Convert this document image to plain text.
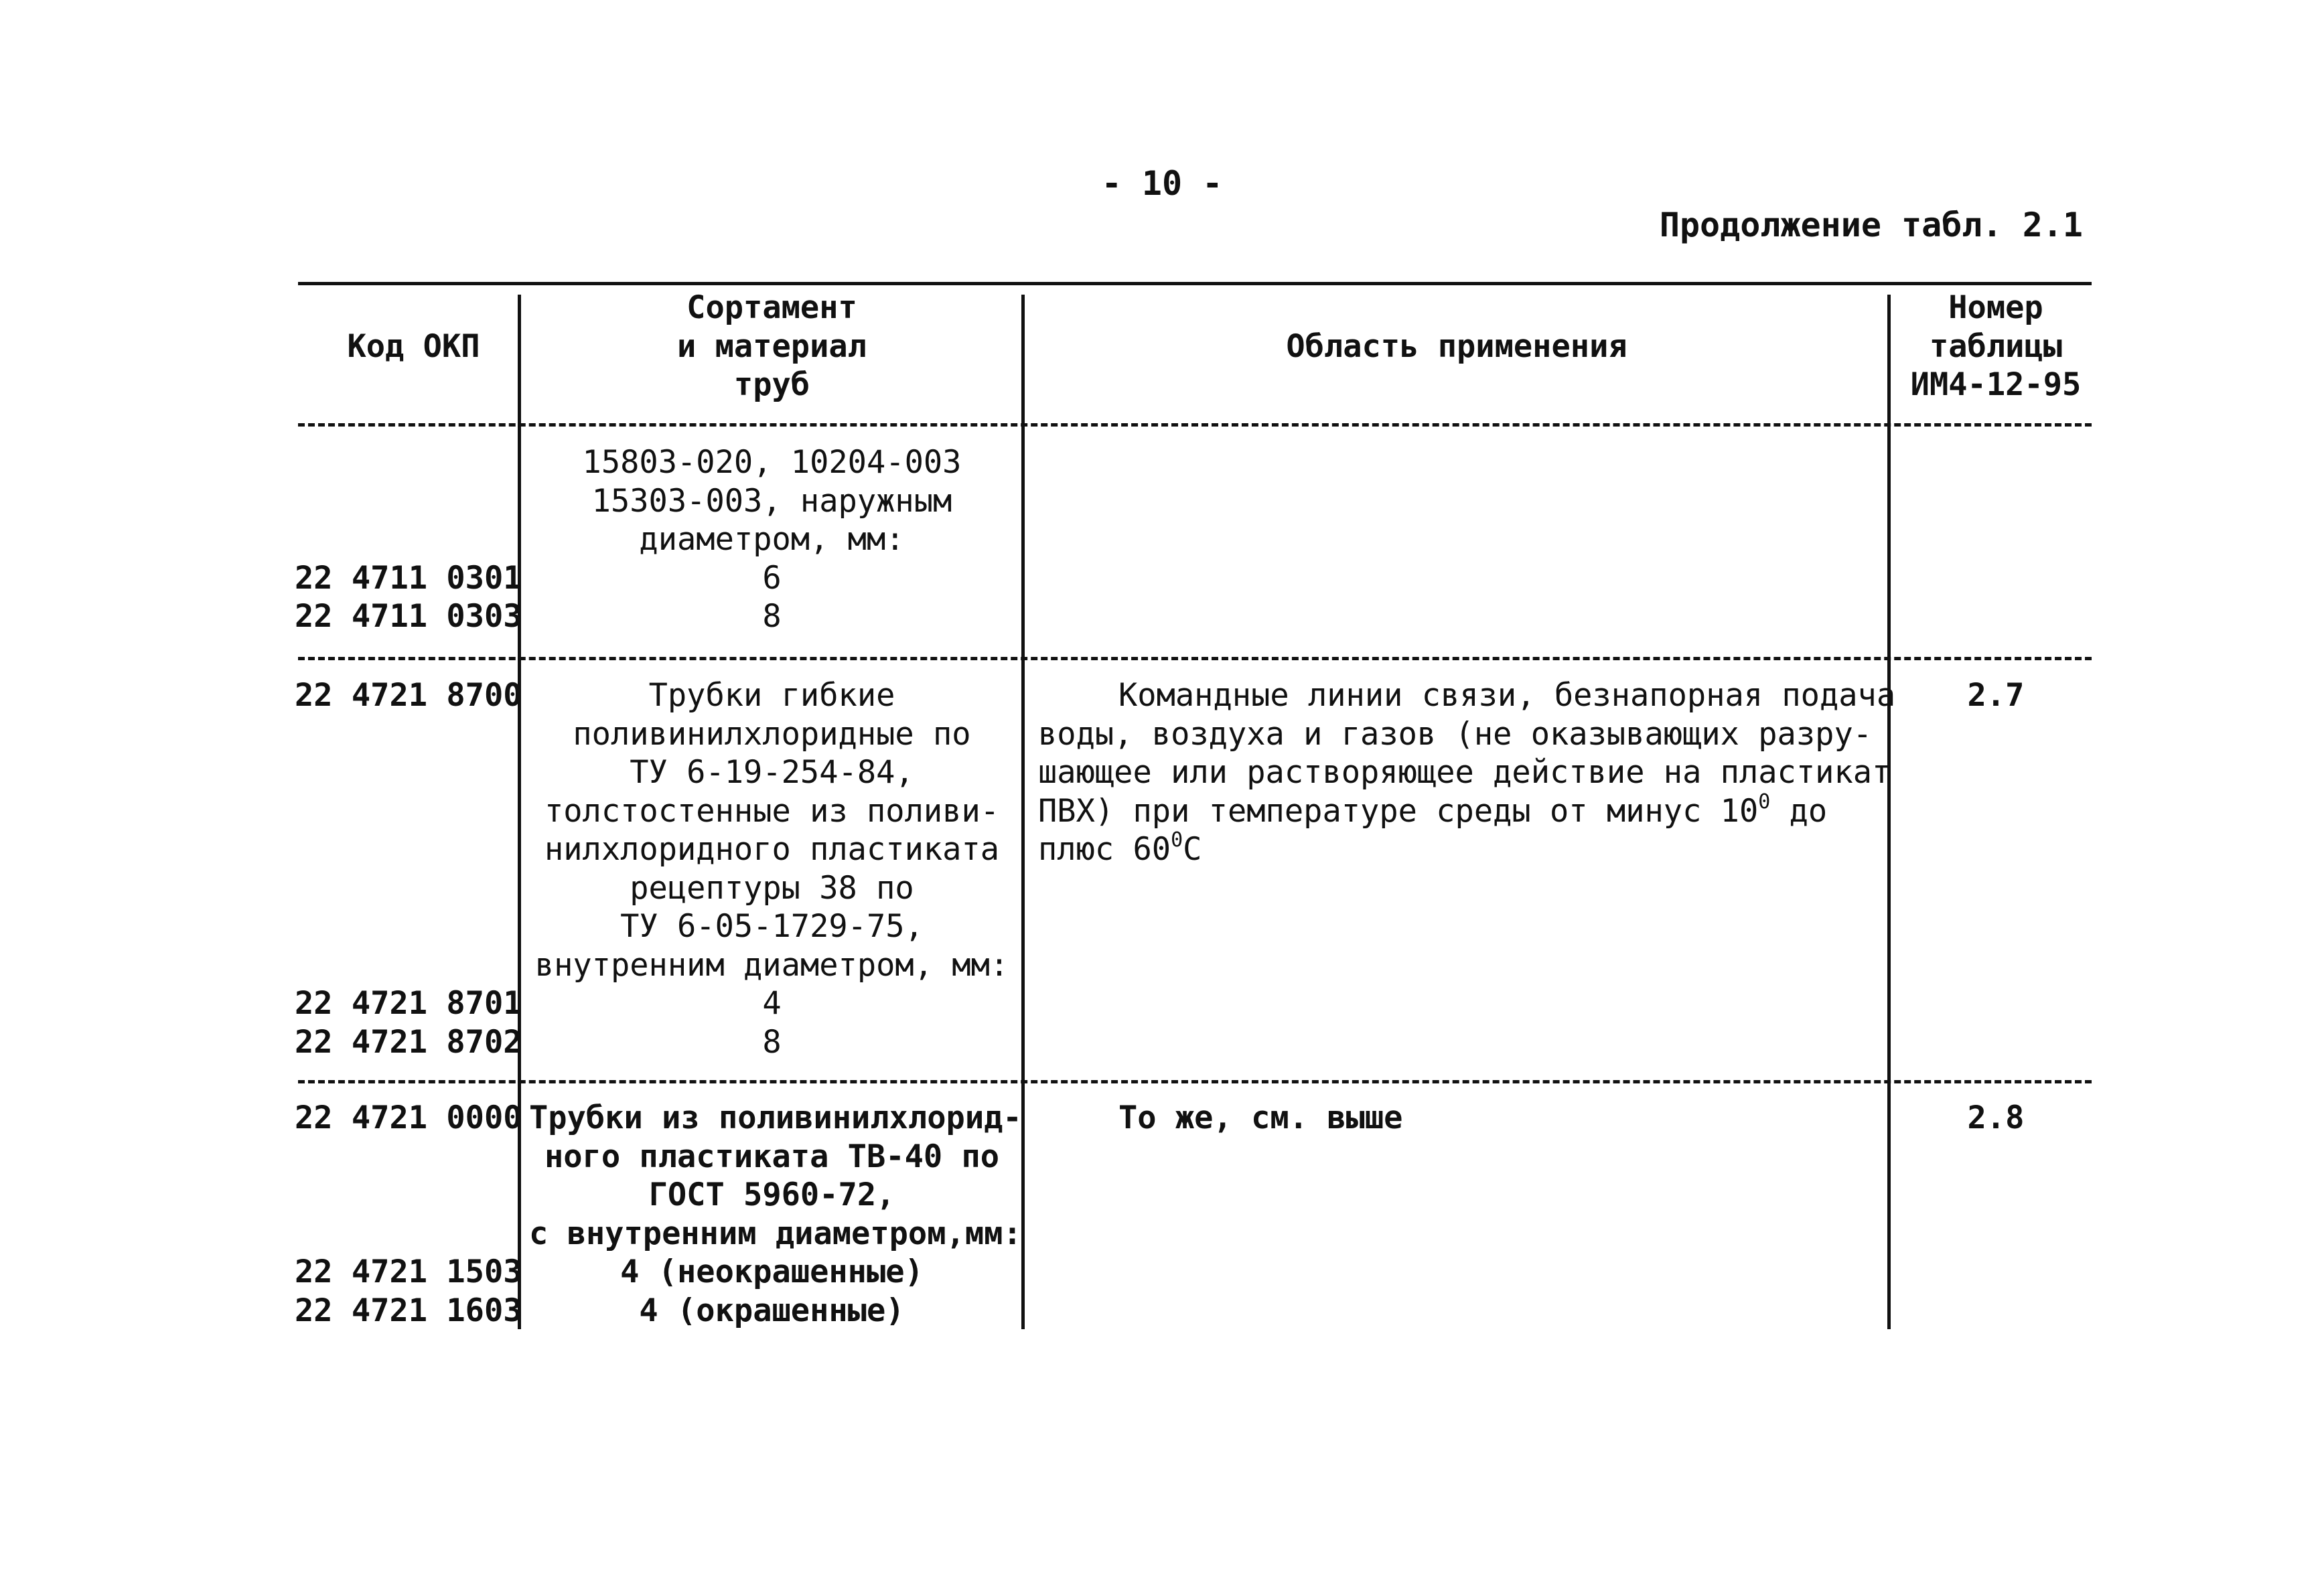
- 10 -
Продолжение табл. 2.1
Код ОКП
Сортамент
и материал
труб
Область применения
Номер
таблицы
ИМ4-12-95
22 4711 0301
22 4711 0303
15803-020, 10204-003
15303-003, наружным
диаметром, мм:
6
8
22 4721 8700
22 4721 8701
22 4721 8702
Трубки гибкие
поливинилхлоридные по
ТУ 6-19-254-84,
толстостенные из поливи-
нилхлоридного пластиката
рецептуры 38 по
ТУ 6-05-1729-75,
внутренним диаметром, мм:
4
8
Командные линии связи, безнапорная подача
воды, воздуха и газов (не оказывающих разру-
шающее или растворяющее действие на пластикат
ПВХ) при температуре среды от минус $10^0$ до
плюс $60^0С$
2.7
22 4721 0000
22 4721 1503
22 4721 1603
Трубки из поливинилхлорид-
ного пластиката ТВ-40 по
ГОСТ 5960-72,
с внутренним диаметром,мм:
4 (неокрашенные)
4 (окрашенные)
То же, см. выше	2.8
